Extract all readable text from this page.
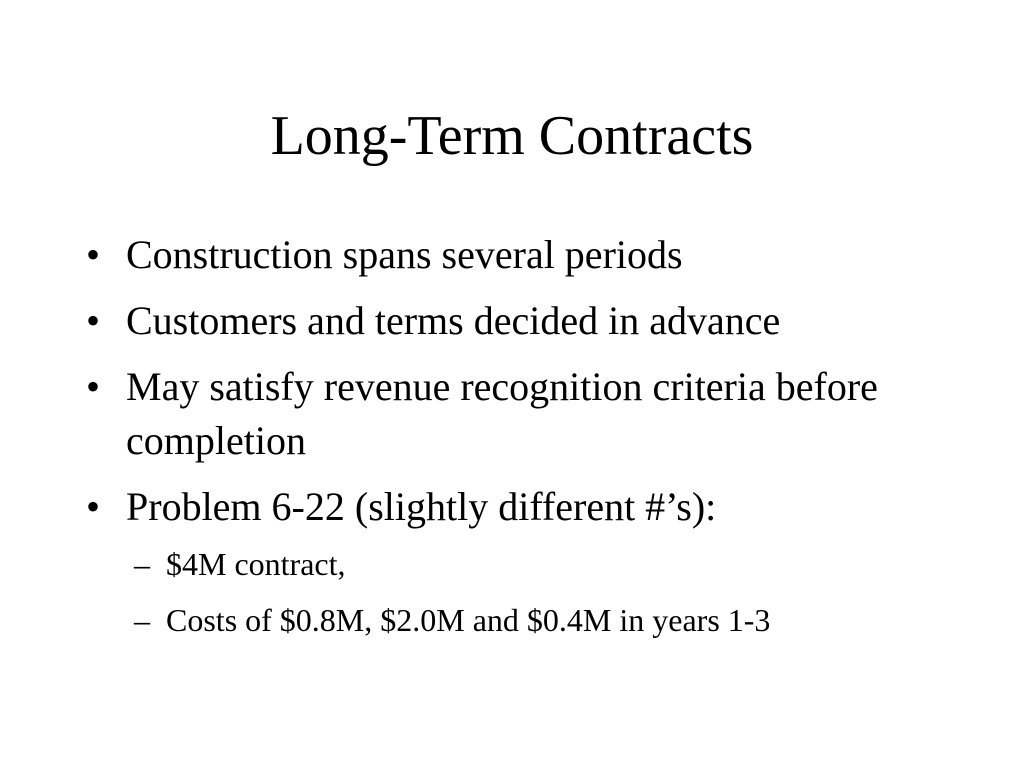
Long-Term Contracts
• Construction spans several periods
• Customers and terms decided in advance
• May satisfy revenue recognition criteria before completion
• Problem 6-22 (slightly different #’s):
– $4M contract,
– Costs of $0.8M, $2.0M and $0.4M in years 1-3
